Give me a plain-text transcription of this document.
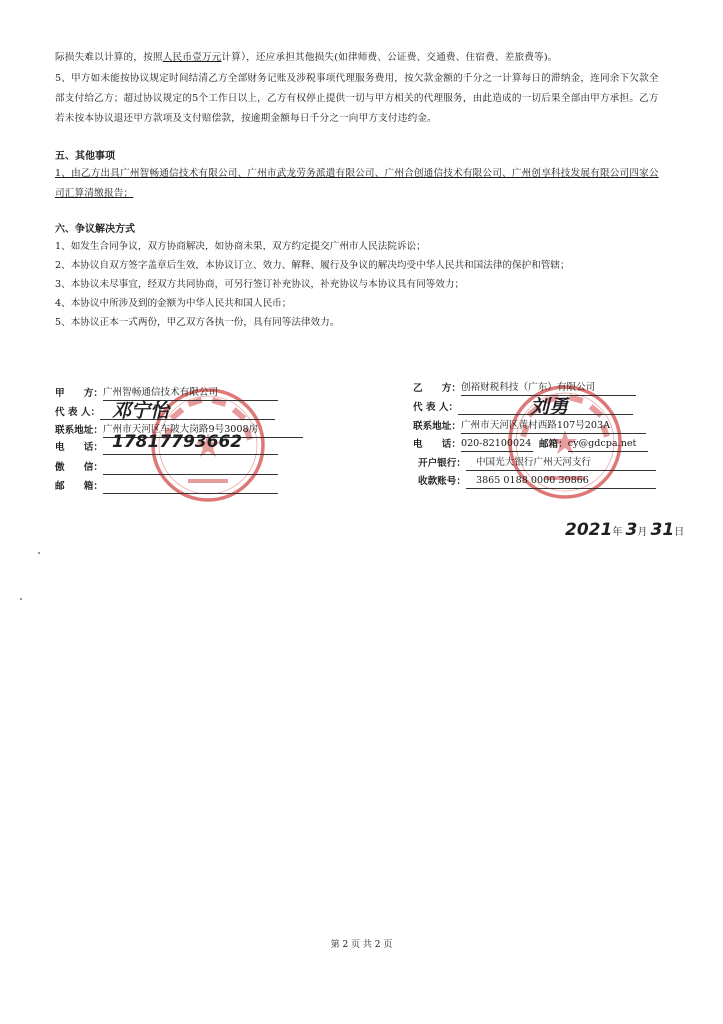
际损失难以计算的，按照人民币壹万元计算），还应承担其他损失(如律师费、公证费、交通费、住宿费、差旅费等)。
5、甲方如未能按协议规定时间结清乙方全部财务记账及涉税事项代理服务费用，按欠款金额的千分之一计算每日的滞纳金，连同余下欠款全部支付给乙方；超过协议规定的5个工作日以上，乙方有权停止提供一切与甲方相关的代理服务，由此造成的一切后果全部由甲方承担。乙方若未按本协议退还甲方款项及支付赔偿款，按逾期金额每日千分之一向甲方支付违约金。
五、其他事项
1、由乙方出具广州智畅通信技术有限公司、广州市武龙劳务派遣有限公司、广州合创通信技术有限公司、广州创享科技发展有限公司四家公司汇算清缴报告；
六、争议解决方式
1、如发生合同争议，双方协商解决，如协商未果，双方约定提交广州市人民法院诉讼；
2、本协议自双方签字盖章后生效，本协议订立、效力、解释、履行及争议的解决均受中华人民共和国法律的保护和管辖；
3、本协议未尽事宜，经双方共同协商，可另行签订补充协议，补充协议与本协议具有同等效力；
4、本协议中所涉及到的金额为中华人民共和国人民币；
5、本协议正本一式两份，甲乙双方各执一份，具有同等法律效力。
甲　　方：广州智畅通信技术有限公司
代 表 人： 邓宁怡
联系地址：广州市天河区车陂大岗路9号3008房
电　　话： 17817793662
傲　　信：
邮　　箱：
乙　　方：创裕财税科技（广东）有限公司
代 表 人：	刘勇
联系地址：广州市天河区黄村西路107号203A
电　　话：020-82100024 邮箱：cy@gdcpa.net
开户银行： 中国光大银行广州天河支行
收款账号： 3865 0188 0000 30866
2021年 3月 31日
第 2 页 共 2 页
